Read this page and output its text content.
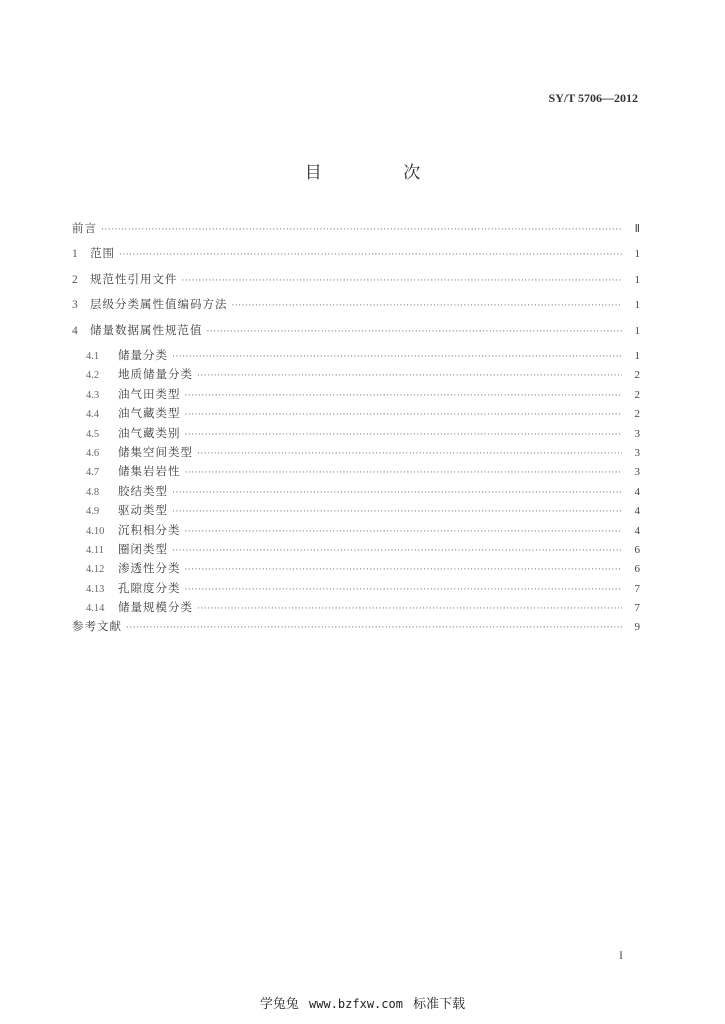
SY/T 5706—2012
目 次
前言 ·····	Ⅱ
1	范围 ·····	1
2	规范性引用文件 ·····	1
3	层级分类属性值编码方法 ·····	1
4	储量数据属性规范值 ·····	1
4.1	储量分类 ·····	1
4.2	地质储量分类 ·····	2
4.3	油气田类型 ·····	2
4.4	油气藏类型 ·····	2
4.5	油气藏类别 ·····	3
4.6	储集空间类型 ·····	3
4.7	储集岩岩性 ·····	3
4.8	胶结类型 ·····	4
4.9	驱动类型 ·····	4
4.10	沉积相分类 ·····	4
4.11	圈闭类型 ·····	6
4.12	渗透性分类 ·····	6
4.13	孔隙度分类 ·····	7
4.14	储量规模分类 ·····	7
参考文献 ·····	9
I
学兔兔 www.bzfxw.com 标准下载
